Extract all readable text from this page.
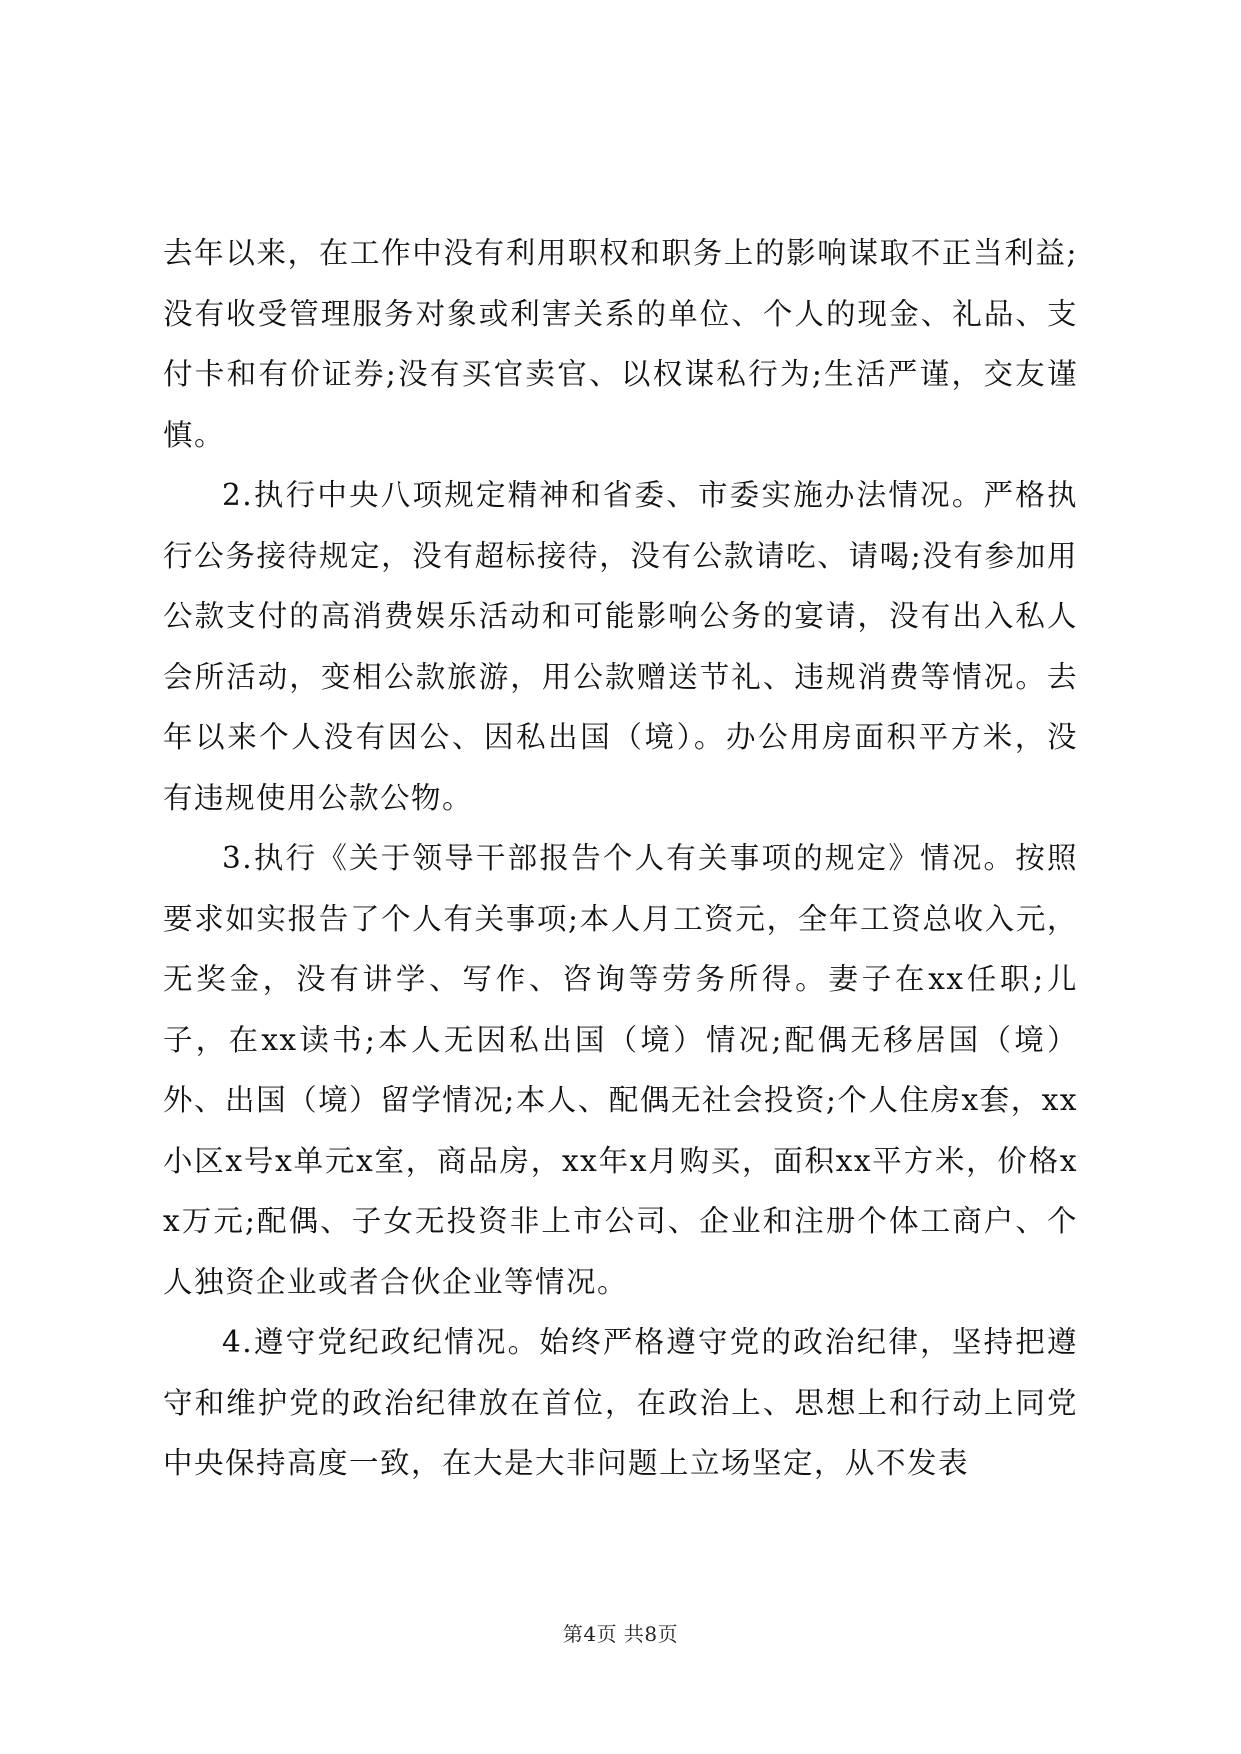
去年以来，在工作中没有利用职权和职务上的影响谋取不正当利益;没有收受管理服务对象或利害关系的单位、个人的现金、礼品、支付卡和有价证券;没有买官卖官、以权谋私行为;生活严谨，交友谨慎。

2.执行中央八项规定精神和省委、市委实施办法情况。严格执行公务接待规定，没有超标接待，没有公款请吃、请喝;没有参加用公款支付的高消费娱乐活动和可能影响公务的宴请，没有出入私人会所活动，变相公款旅游，用公款赠送节礼、违规消费等情况。去年以来个人没有因公、因私出国（境）。办公用房面积平方米，没有违规使用公款公物。

3.执行《关于领导干部报告个人有关事项的规定》情况。按照要求如实报告了个人有关事项;本人月工资元，全年工资总收入元，无奖金，没有讲学、写作、咨询等劳务所得。妻子在xx任职;儿子，在xx读书;本人无因私出国（境）情况;配偶无移居国（境）外、出国（境）留学情况;本人、配偶无社会投资;个人住房x套，xx小区x号x单元x室，商品房，xx年x月购买，面积xx平方米，价格xx万元;配偶、子女无投资非上市公司、企业和注册个体工商户、个人独资企业或者合伙企业等情况。

4.遵守党纪政纪情况。始终严格遵守党的政治纪律，坚持把遵守和维护党的政治纪律放在首位，在政治上、思想上和行动上同党中央保持高度一致，在大是大非问题上立场坚定，从不发表

第4页 共8页
